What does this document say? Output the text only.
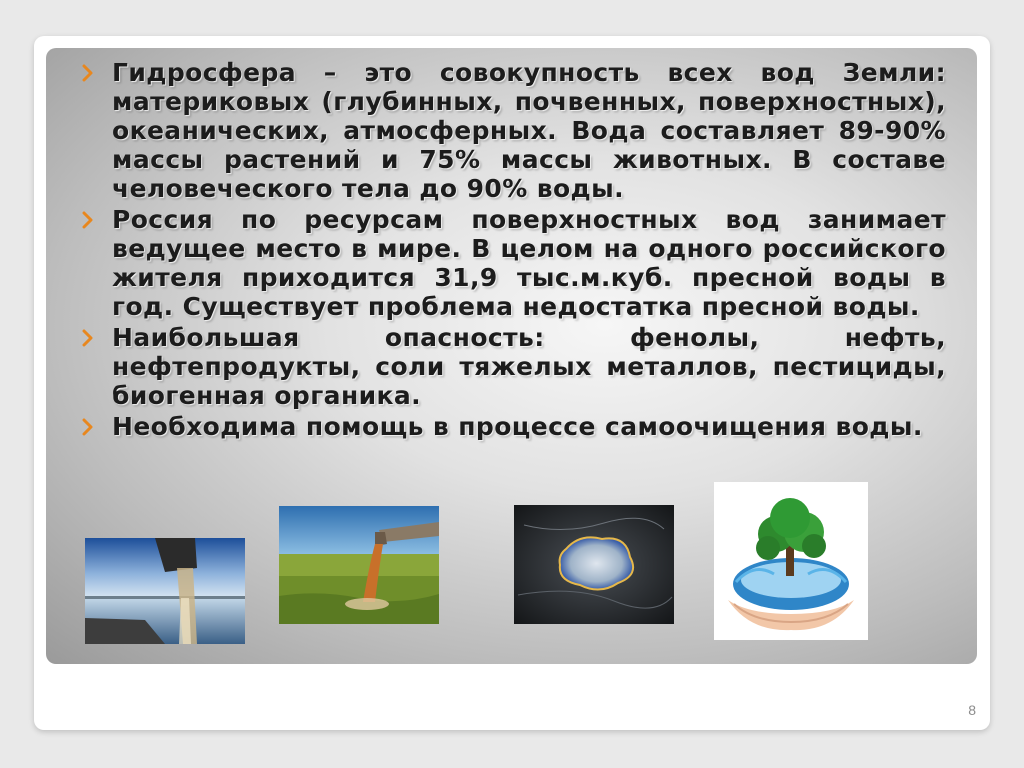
Гидросфера – это совокупность всех вод Земли: материковых (глубинных, почвенных, поверхностных), океанических, атмосферных. Вода составляет 89-90% массы растений и 75% массы животных. В составе человеческого тела до 90% воды.
Россия по ресурсам поверхностных вод занимает ведущее место в мире. В целом на одного российского жителя приходится 31,9 тыс.м.куб. пресной воды в год. Существует проблема недостатка пресной воды.
Наибольшая опасность: фенолы, нефть, нефтепродукты, соли тяжелых металлов, пестициды, биогенная органика.
Необходима помощь в процессе самоочищения воды.
8
